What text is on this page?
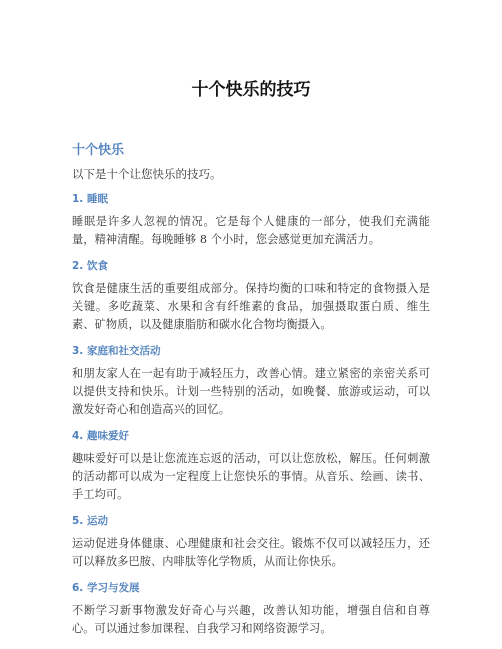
十个快乐的技巧
十个快乐
以下是十个让您快乐的技巧。
1. 睡眠
睡眠是许多人忽视的情况。它是每个人健康的一部分，使我们充满能量，精神清醒。每晚睡够 8 个小时，您会感觉更加充满活力。
2. 饮食
饮食是健康生活的重要组成部分。保持均衡的口味和特定的食物摄入是关键。多吃蔬菜、水果和含有纤维素的食品，加强摄取蛋白质、维生素、矿物质，以及健康脂肪和碳水化合物均衡摄入。
3. 家庭和社交活动
和朋友家人在一起有助于减轻压力，改善心情。建立紧密的亲密关系可以提供支持和快乐。计划一些特别的活动，如晚餐、旅游或运动，可以激发好奇心和创造高兴的回忆。
4. 趣味爱好
趣味爱好可以是让您流连忘返的活动，可以让您放松，解压。任何刺激的活动都可以成为一定程度上让您快乐的事情。从音乐、绘画、读书、手工均可。
5. 运动
运动促进身体健康、心理健康和社会交往。锻炼不仅可以减轻压力，还可以释放多巴胺、内啡肽等化学物质，从而让你快乐。
6. 学习与发展
不断学习新事物激发好奇心与兴趣，改善认知功能，增强自信和自尊心。可以通过参加课程、自我学习和网络资源学习。
